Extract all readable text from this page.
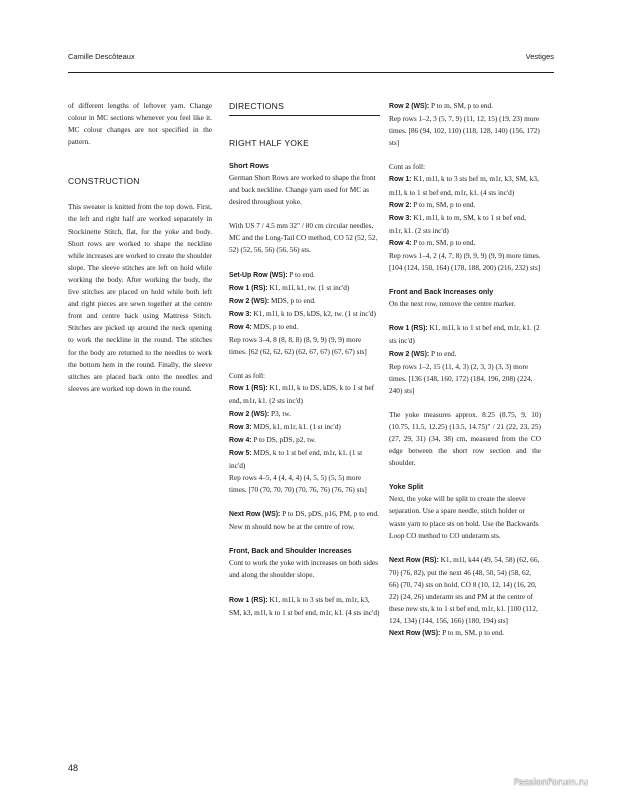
Camille Descôteaux	Vestiges

of different lengths of leftover yarn. Change colour in MC sections whenever you feel like it. MC colour changes are not specified in the pattern.

CONSTRUCTION

This sweater is knitted from the top down. First, the left and right half are worked separately in Stockinette Stitch, flat, for the yoke and body. Short rows are worked to shape the neckline while increases are worked to create the shoulder slope. The sleeve stitches are left on hold while working the body. After working the body, the live stitches are placed on hold while both left and right pieces are sewn together at the centre front and centre back using Mattress Stitch. Stitches are picked up around the neck opening to work the neckline in the round. The stitches for the body are returned to the needles to work the bottom hem in the round. Finally, the sleeve stitches are placed back onto the needles and sleeves are worked top down in the round.

DIRECTIONS
RIGHT HALF YOKE
Short Rows

German Short Rows are worked to shape the front and back neckline. Change yarn used for MC as desired throughout yoke.

With US 7 / 4.5 mm 32" / 80 cm circular needles, MC and the Long-Tail CO method, CO 52 (52, 52, 52) (52, 56, 56) (56, 56) sts.

Set-Up Row (WS): P to end.

Row 1 (RS): K1, m1l, k1, tw. (1 st inc'd)

Row 2 (WS): MDS, p to end.

Row 3: K1, m1l, k to DS, kDS, k2, tw. (1 st inc'd)

Row 4: MDS, p to end.

Rep rows 3–4, 8 (8, 8, 8) (8, 9, 9) (9, 9) more times. [62 (62, 62, 62) (62, 67, 67) (67, 67) sts]

Cont as foll:

Row 1 (RS): K1, m1l, k to DS, kDS, k to 1 st bef end, m1r, k1. (2 sts inc'd)

Row 2 (WS): P3, tw.

Row 3: MDS, k1, m1r, k1. (1 st inc'd)

Row 4: P to DS, pDS, p2, tw.

Row 5: MDS, k to 1 st bef end, m1r, k1. (1 st inc'd)

Rep rows 4–5, 4 (4, 4, 4) (4, 5, 5) (5, 5) more times. [70 (70, 70, 70) (70, 76, 76) (76, 76) sts]

Next Row (WS): P to DS, pDS, p16, PM, p to end.

New m should now be at the centre of row.

Front, Back and Shoulder Increases

Cont to work the yoke with increases on both sides and along the shoulder slope.

Row 1 (RS): K1, m1l, k to 3 sts bef m, m1r, k3, SM, k3, m1l, k to 1 st bef end, m1r, k1. (4 sts inc'd)

Row 2 (WS): P to m, SM, p to end.

Rep rows 1–2, 3 (5, 7, 9) (11, 12, 15) (19, 23) more times. [86 (94, 102, 110) (118, 128, 140) (156, 172) sts]

Cont as foll:

Row 1: K1, m1l, k to 3 sts bef m, m1r, k3, SM, k3, m1l, k to 1 st bef end, m1r, k1. (4 sts inc'd)

Row 2: P to m, SM, p to end.

Row 3: K1, m1l, k to m, SM, k to 1 st bef end, m1r, k1. (2 sts inc'd)

Row 4: P to m, SM, p to end.

Rep rows 1–4, 2 (4, 7, 8) (9, 9, 9) (9, 9) more times. [104 (124, 150, 164) (178, 188, 200) (216, 232) sts]

Front and Back Increases only

On the next row, remove the centre marker.

Row 1 (RS): K1, m1l, k to 1 st bef end, m1r, k1. (2 sts inc'd)

Row 2 (WS): P to end.

Rep rows 1–2, 15 (11, 4, 3) (2, 3, 3) (3, 3) more times. [136 (148, 160, 172) (184, 196, 208) (224, 240) sts]

The yoke measures approx. 8.25 (8.75, 9, 10) (10.75, 11.5, 12.25) (13.5, 14.75)" / 21 (22, 23, 25) (27, 29, 31) (34, 38) cm, measured from the CO edge between the short row section and the shoulder.

Yoke Split

Next, the yoke will be split to create the sleeve separation. Use a spare needle, stitch holder or waste yarn to place sts on hold. Use the Backwards Loop CO method to CO underarm sts.

Next Row (RS): K1, m1l, k44 (49, 54, 58) (62, 66, 70) (76, 82), put the next 46 (48, 50, 54) (58, 62, 66) (70, 74) sts on hold, CO 8 (10, 12, 14) (16, 20, 22) (24, 26) underarm sts and PM at the centre of these new sts, k to 1 st bef end, m1r, k1. [100 (112, 124, 134) (144, 156, 166) (180, 194) sts]

Next Row (WS): P to m, SM, p to end.

48
PassionForum.ru
